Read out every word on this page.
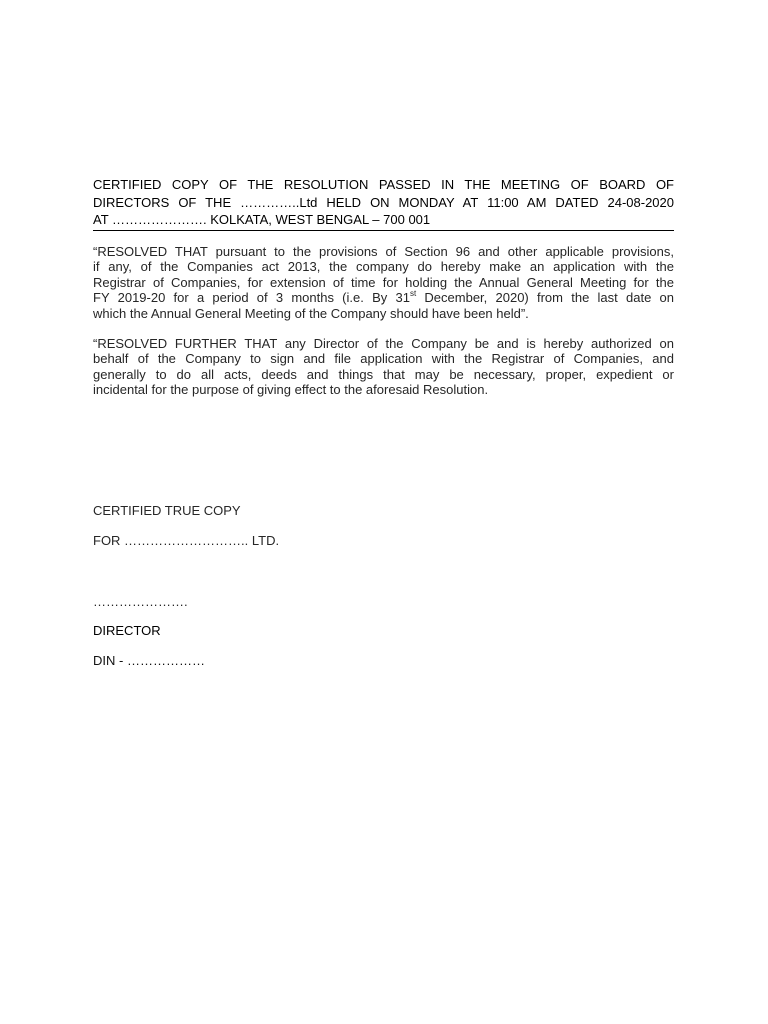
CERTIFIED COPY OF THE RESOLUTION PASSED IN THE MEETING OF BOARD OF
DIRECTORS OF THE …………..Ltd HELD ON MONDAY AT 11:00 AM DATED 24-08-2020
AT …………………. KOLKATA, WEST BENGAL – 700 001
“RESOLVED THAT pursuant to the provisions of Section 96 and other applicable provisions,
if any, of the Companies act 2013, the company do hereby make an application with the
Registrar of Companies, for extension of time for holding the Annual General Meeting for the
FY 2019-20 for a period of 3 months (i.e. By 31st December, 2020) from the last date on
which the Annual General Meeting of the Company should have been held”.
“RESOLVED FURTHER THAT any Director of the Company be and is hereby authorized on
behalf of the Company to sign and file application with the Registrar of Companies, and
generally to do all acts, deeds and things that may be necessary, proper, expedient or
incidental for the purpose of giving effect to the aforesaid Resolution.
CERTIFIED TRUE COPY
FOR ……………………….. LTD.
………………….
DIRECTOR
DIN - ………………
